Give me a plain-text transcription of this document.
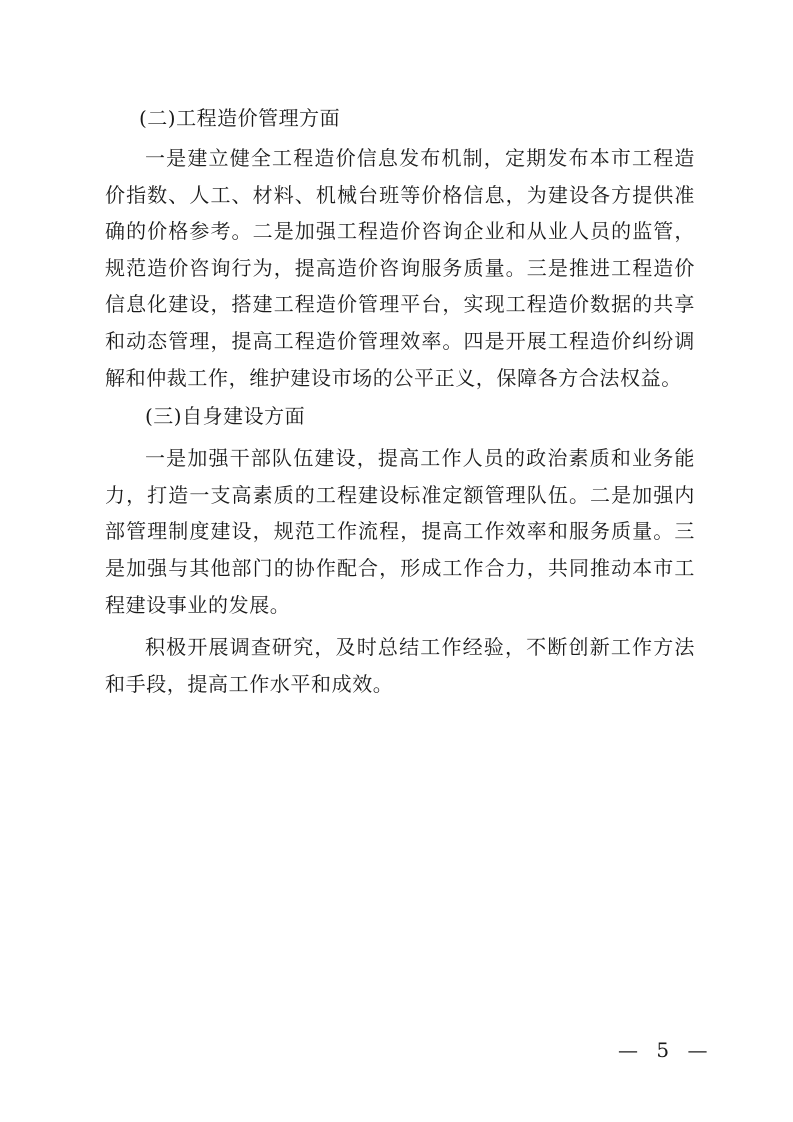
(二)工程造价管理方面

一是建立健全工程造价信息发布机制，定期发布本市工程造价指数、人工、材料、机械台班等价格信息，为建设各方提供准确的价格参考。二是加强工程造价咨询企业和从业人员的监管，规范造价咨询行为，提高造价咨询服务质量。三是推进工程造价信息化建设，搭建工程造价管理平台，实现工程造价数据的共享和动态管理，提高工程造价管理效率。四是开展工程造价纠纷调解和仲裁工作，维护建设市场的公平正义，保障各方合法权益。

(三)自身建设方面

一是加强干部队伍建设，提高工作人员的政治素质和业务能力，打造一支高素质的工程建设标准定额管理队伍。二是加强内部管理制度建设，规范工作流程，提高工作效率和服务质量。三是加强与其他部门的协作配合，形成工作合力，共同推动本市工程建设事业的发展。

积极开展调查研究，及时总结工作经验，不断创新工作方法和手段，提高工作水平和成效。

— 5 —
